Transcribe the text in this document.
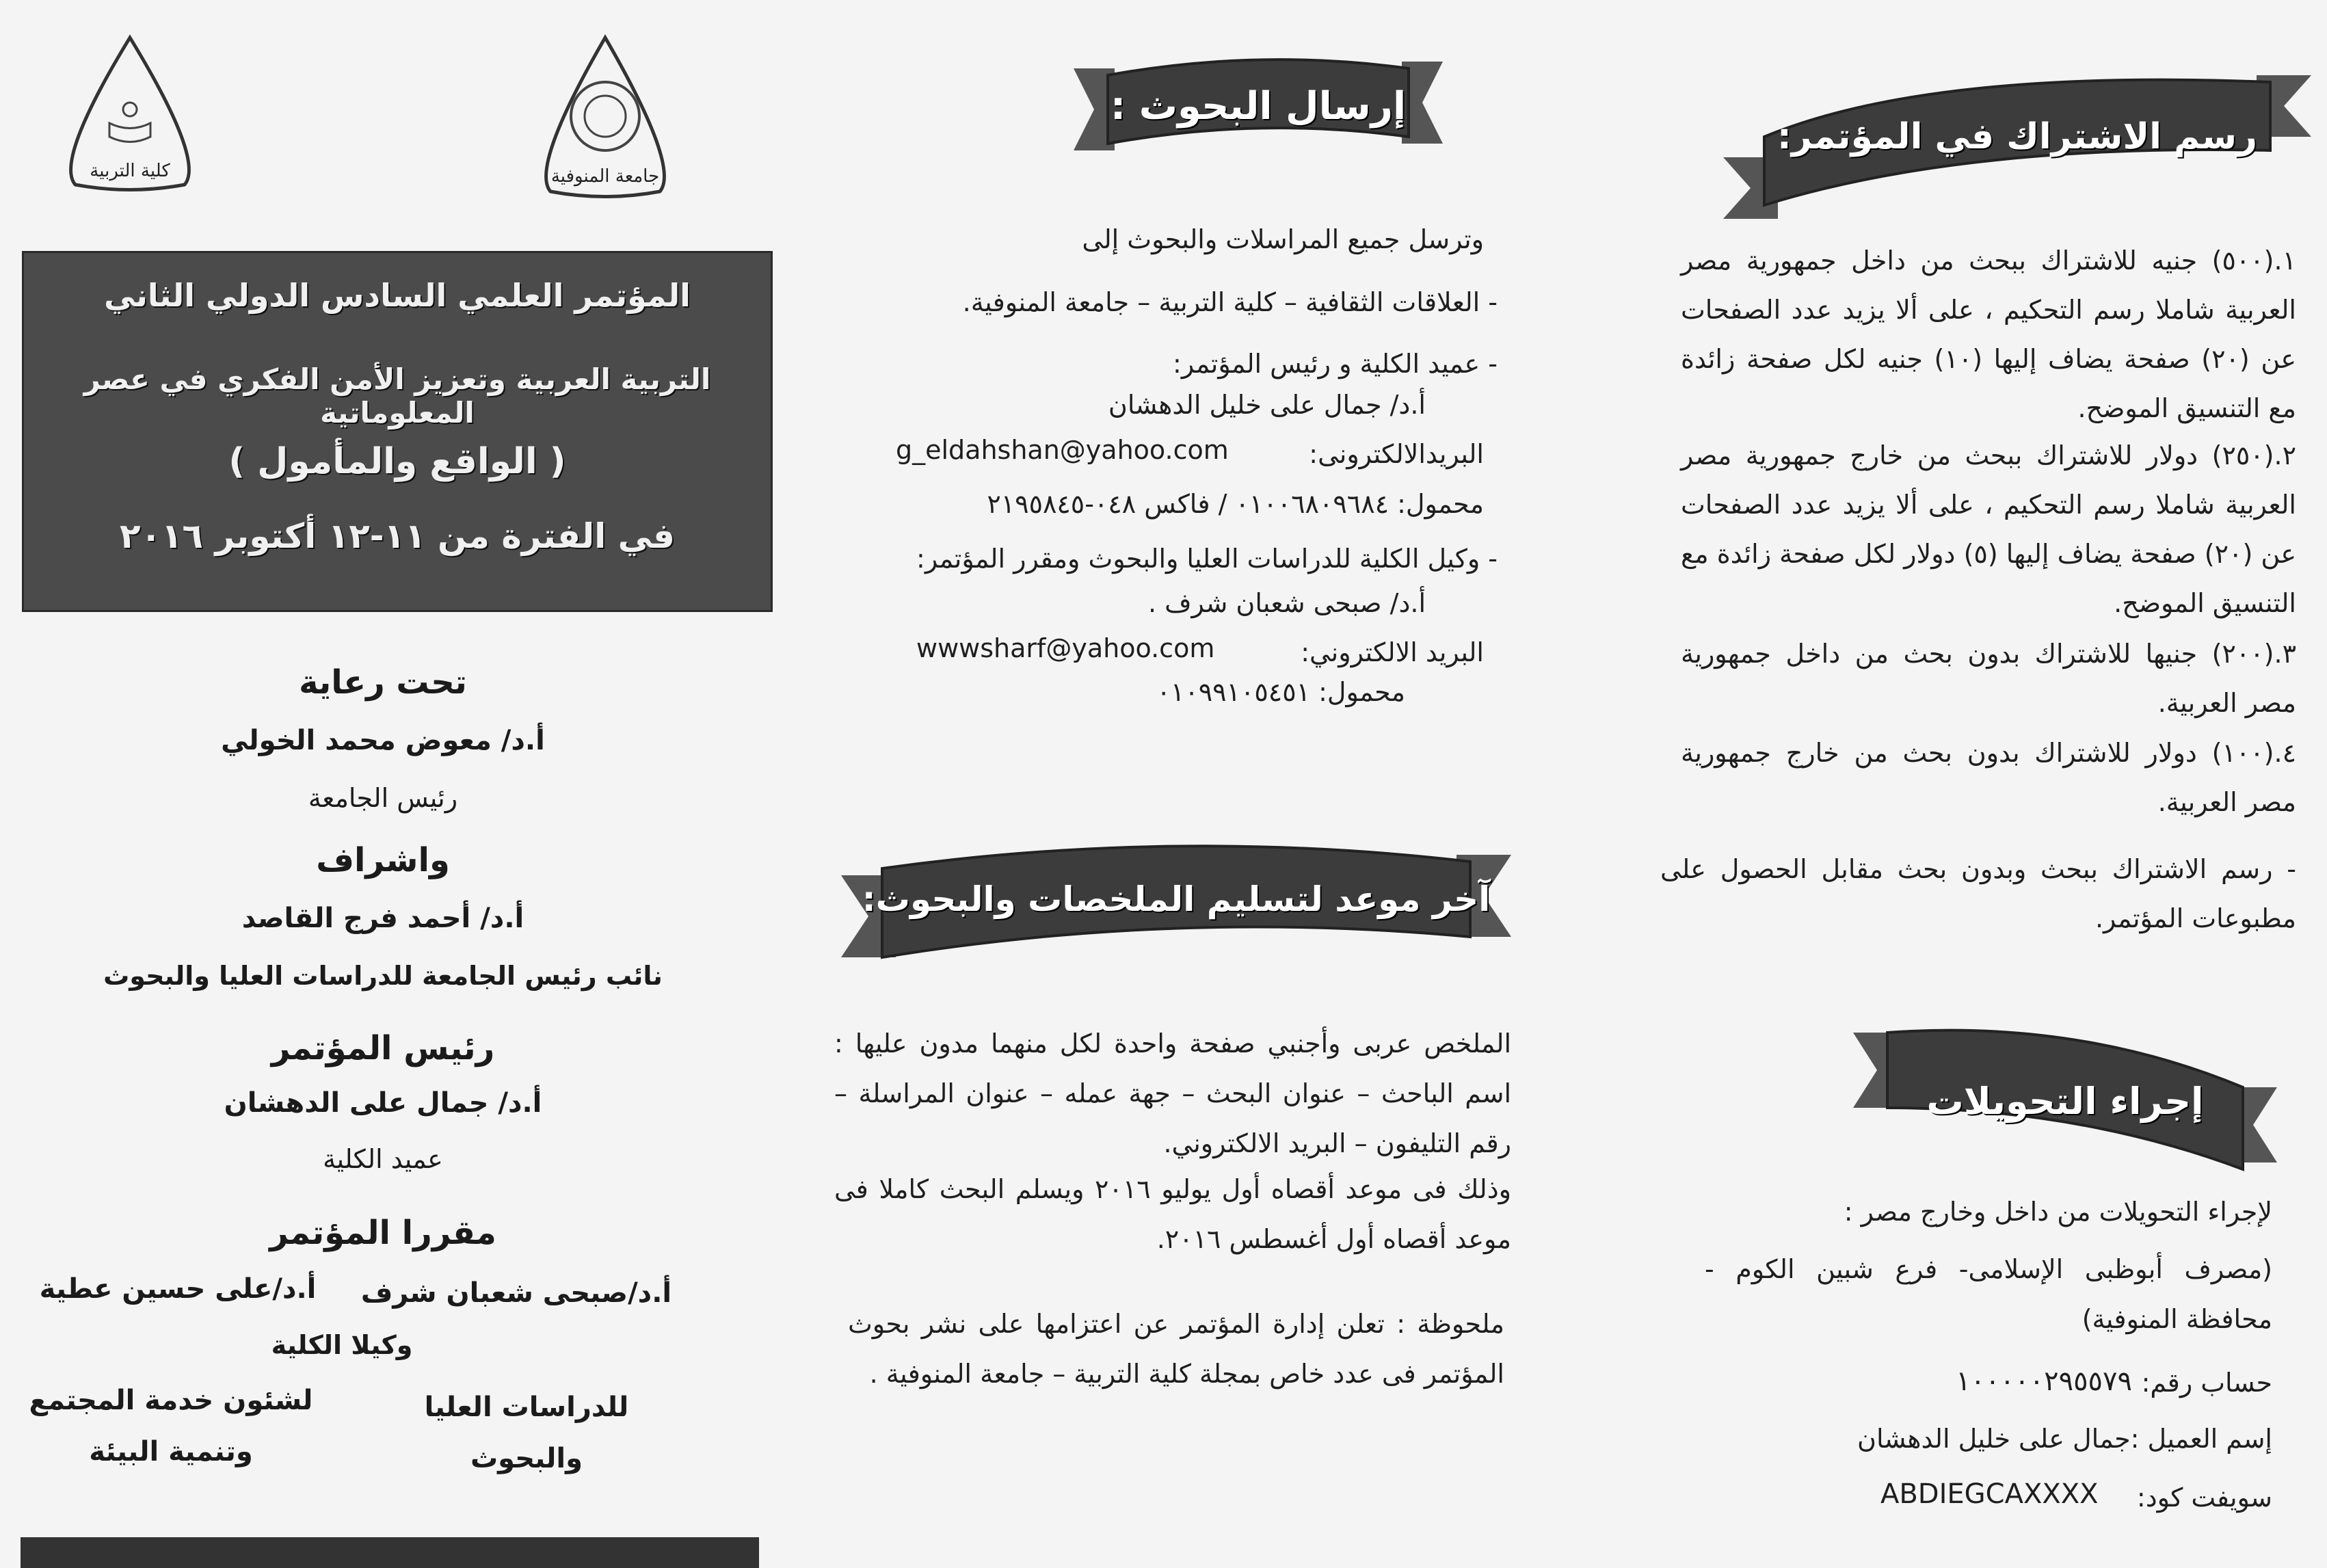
كلية التربية	جامعة المنوفية
المؤتمر العلمي السادس الدولي الثاني
التربية العربية وتعزيز الأمن الفكري في عصر المعلوماتية
( الواقع والمأمول )
في الفترة من ١١-١٢ أكتوبر ٢٠١٦
تحت رعاية
أ.د/ معوض محمد الخولي
رئيس الجامعة
واشراف
أ.د/ أحمد فرج القاصد
نائب رئيس الجامعة للدراسات العليا والبحوث
رئيس المؤتمر
أ.د/ جمال على الدهشان
عميد الكلية
مقررا المؤتمر
أ.د/صبحى شعبان شرف
أ.د/على حسين عطية
وكيلا الكلية
للدراسات العليا
والبحوث
لشئون خدمة المجتمع
وتنمية البيئة
إرسال البحوث :
وترسل جميع المراسلات والبحوث إلى
- العلاقات الثقافية – كلية التربية – جامعة المنوفية.
- عميد الكلية و رئيس المؤتمر:
أ.د/ جمال على خليل الدهشان
البريدالالكترونى:
g_eldahshan@yahoo.com
محمول: ٠١٠٠٦٨٠٩٦٨٤ / فاكس ٠٤٨-٢١٩٥٨٤٥
- وكيل الكلية للدراسات العليا والبحوث ومقرر المؤتمر:
أ.د/ صبحى شعبان شرف .
البريد الالكتروني:
wwwsharf@yahoo.com
محمول: ٠١٠٩٩١٠٥٤٥١
آخر موعد لتسليم الملخصات والبحوث:
الملخص عربى وأجنبي صفحة واحدة لكل منهما مدون عليها : اسم الباحث – عنوان البحث – جهة عمله – عنوان المراسلة – رقم التليفون – البريد الالكتروني.
وذلك فى موعد أقصاه أول يوليو ٢٠١٦ ويسلم البحث كاملا فى موعد أقصاه أول أغسطس ٢٠١٦.
ملحوظة : تعلن إدارة المؤتمر عن اعتزامها على نشر بحوث المؤتمر فى عدد خاص بمجلة كلية التربية – جامعة المنوفية .
رسم الاشتراك في المؤتمر:
١.(٥٠٠) جنيه للاشتراك ببحث من داخل جمهورية مصر العربية شاملا رسم التحكيم ، على ألا يزيد عدد الصفحات عن (٢٠) صفحة يضاف إليها (١٠) جنيه لكل صفحة زائدة مع التنسيق الموضح.
٢.(٢٥٠) دولار للاشتراك ببحث من خارج جمهورية مصر العربية شاملا رسم التحكيم ، على ألا يزيد عدد الصفحات عن (٢٠) صفحة يضاف إليها (٥) دولار لكل صفحة زائدة مع التنسيق الموضح.
٣.(٢٠٠) جنيها للاشتراك بدون بحث من داخل جمهورية مصر العربية.
٤.(١٠٠) دولار للاشتراك بدون بحث من خارج جمهورية مصر العربية.
- رسم الاشتراك ببحث وبدون بحث مقابل الحصول على مطبوعات المؤتمر.
إجراء التحويلات
لإجراء التحويلات من داخل وخارج مصر :
(مصرف أبوظبى الإسلامى- فرع شبين الكوم - محافظة المنوفية)
حساب رقم:
١٠٠٠٠٠٢٩٥٥٧٩
إسم العميل :جمال على خليل الدهشان
سويفت كود:
ABDIEGCAXXXX
